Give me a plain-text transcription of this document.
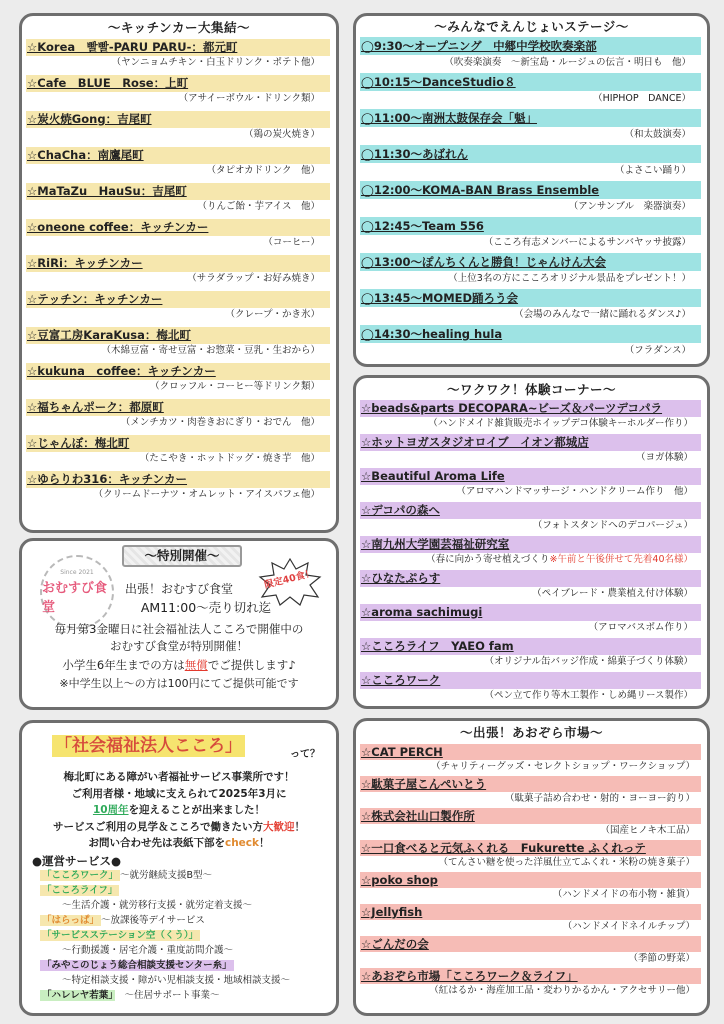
～キッチンカー大集結～
☆Korea　빨빨-PARU PARU-：都元町
（ヤンニョムチキン・白玉ドリンク・ポテト他）
☆Cafe　BLUE　Rose：上町
（アサイーボウル・ドリンク類）
☆炭火焼Gong：吉尾町
（鶏の炭火焼き）
☆ChaCha：南鷹尾町
（タピオカドリンク　他）
☆MaTaZu　HauSu：吉尾町
（りんご飴・芋アイス　他）
☆oneone coffee：キッチンカー
（コーヒー）
☆RiRi：キッチンカー
（サラダラップ・お好み焼き）
☆テッチン：キッチンカー
（クレープ・かき氷）
☆豆富工房KaraKusa：梅北町
（木綿豆富・寄せ豆富・お惣菜・豆乳・生おから）
☆kukuna　coffee：キッチンカー
（クロッフル・コーヒー等ドリンク類）
☆福ちゃんポーク：都原町
（メンチカツ・肉巻きおにぎり・おでん　他）
☆じゃんぼ：梅北町
（たこやき・ホットドッグ・焼き芋　他）
☆ゆらりわ316：キッチンカー
（クリームドーナツ・オムレット・アイスパフェ他）
～みんなでえんじょいステージ～
◯9:30～オープニング　中郷中学校吹奏楽部
（吹奏楽演奏　～新宝島・ルージュの伝言・明日も　他）
◯10:15～DanceStudio８
（HIPHOP　DANCE）
◯11:00～南洲太鼓保存会「魁」
（和太鼓演奏）
◯11:30～あばれん
（よさこい踊り）
◯12:00～KOMA-BAN Brass Ensemble
（アンサンブル　楽器演奏）
◯12:45～Team 556
（こころ有志メンバーによるサンバヤッサ披露）
◯13:00～ぽんちくんと勝負！じゃんけん大会
（上位3名の方にこころオリジナル景品をプレゼント！）
◯13:45～MOMED踊ろう会
（会場のみんなで一緒に踊れるダンス♪）
◯14:30～healing hula
（フラダンス）
～ワクワク！体験コーナー～
☆beads&parts DECOPARA~ビーズ＆パーツデコパラ
（ハンドメイド雑貨販売ホイップデコ体験キーホルダー作り）
☆ホットヨガスタジオロイブ　イオン都城店
（ヨガ体験）
☆Beautiful Aroma Life
（アロマハンドマッサージ・ハンドクリーム作り　他）
☆デコパの森へ
（フォトスタンドへのデコパージュ）
☆南九州大学園芸福祉研究室
（春に向かう寄せ植えづくり※午前と午後併せて先着40名様）
☆ひなたぷらす
（ペイブレード・農業植え付け体験）
☆aroma sachimugi
（アロマバスボム作り）
☆こころライフ　YAEO fam
（オリジナル缶バッジ作成・綿菓子づくり体験）
☆こころワーク
（ペン立て作り等木工製作・しめ縄リース製作）
Since 2021
おむすび食堂
～特別開催～
限定40食！
出張！おむすび食堂
AM11:00～売り切れ迄
毎月第3金曜日に社会福祉法人こころで開催中の
おむすび食堂が特別開催！
小学生6年生までの方は無償でご提供します♪
※中学生以上～の方は100円にてご提供可能です
「社会福祉法人こころ」	って？
梅北町にある障がい者福祉サービス事業所です！
ご利用者様・地域に支えられて2025年3月に
10周年を迎えることが出来ました！
サービスご利用の見学＆こころで働きたい方大歓迎！
お問い合わせ先は表紙下部をcheck！
●運営サービス●
「こころワーク」 ～就労継続支援B型～
「こころライフ」
～生活介護・就労移行支援・就労定着支援～
「はらっぱ」 ～放課後等デイサービス
「サービスステーション空（くう）」
～行動援護・居宅介護・重度訪問介護～
「みやこのじょう総合相談支援センター糸」
～特定相談支援・障がい児相談支援・地域相談支援～
「ハレレヤ若葉」　～住居サポート事業～
～出張！あおぞら市場～
☆CAT PERCH
（チャリティーグッズ・セレクトショップ・ワークショップ）
☆駄菓子屋こんぺいとう
（駄菓子詰め合わせ・射的・ヨーヨー釣り）
☆株式会社山口製作所
（国産ヒノキ木工品）
☆一口食べると元気ふくれる　Fukurette ふくれっテ
（てんさい糖を使った洋風仕立てふくれ・米粉の焼き菓子）
☆poko shop
（ハンドメイドの布小物・雑貨）
☆Jellyfish
（ハンドメイドネイルチップ）
☆ごんだの会
（季節の野菜）
☆あおぞら市場「こころワーク＆ライフ」
（紅はるか・海産加工品・変わりかるかん・アクセサリー他）
